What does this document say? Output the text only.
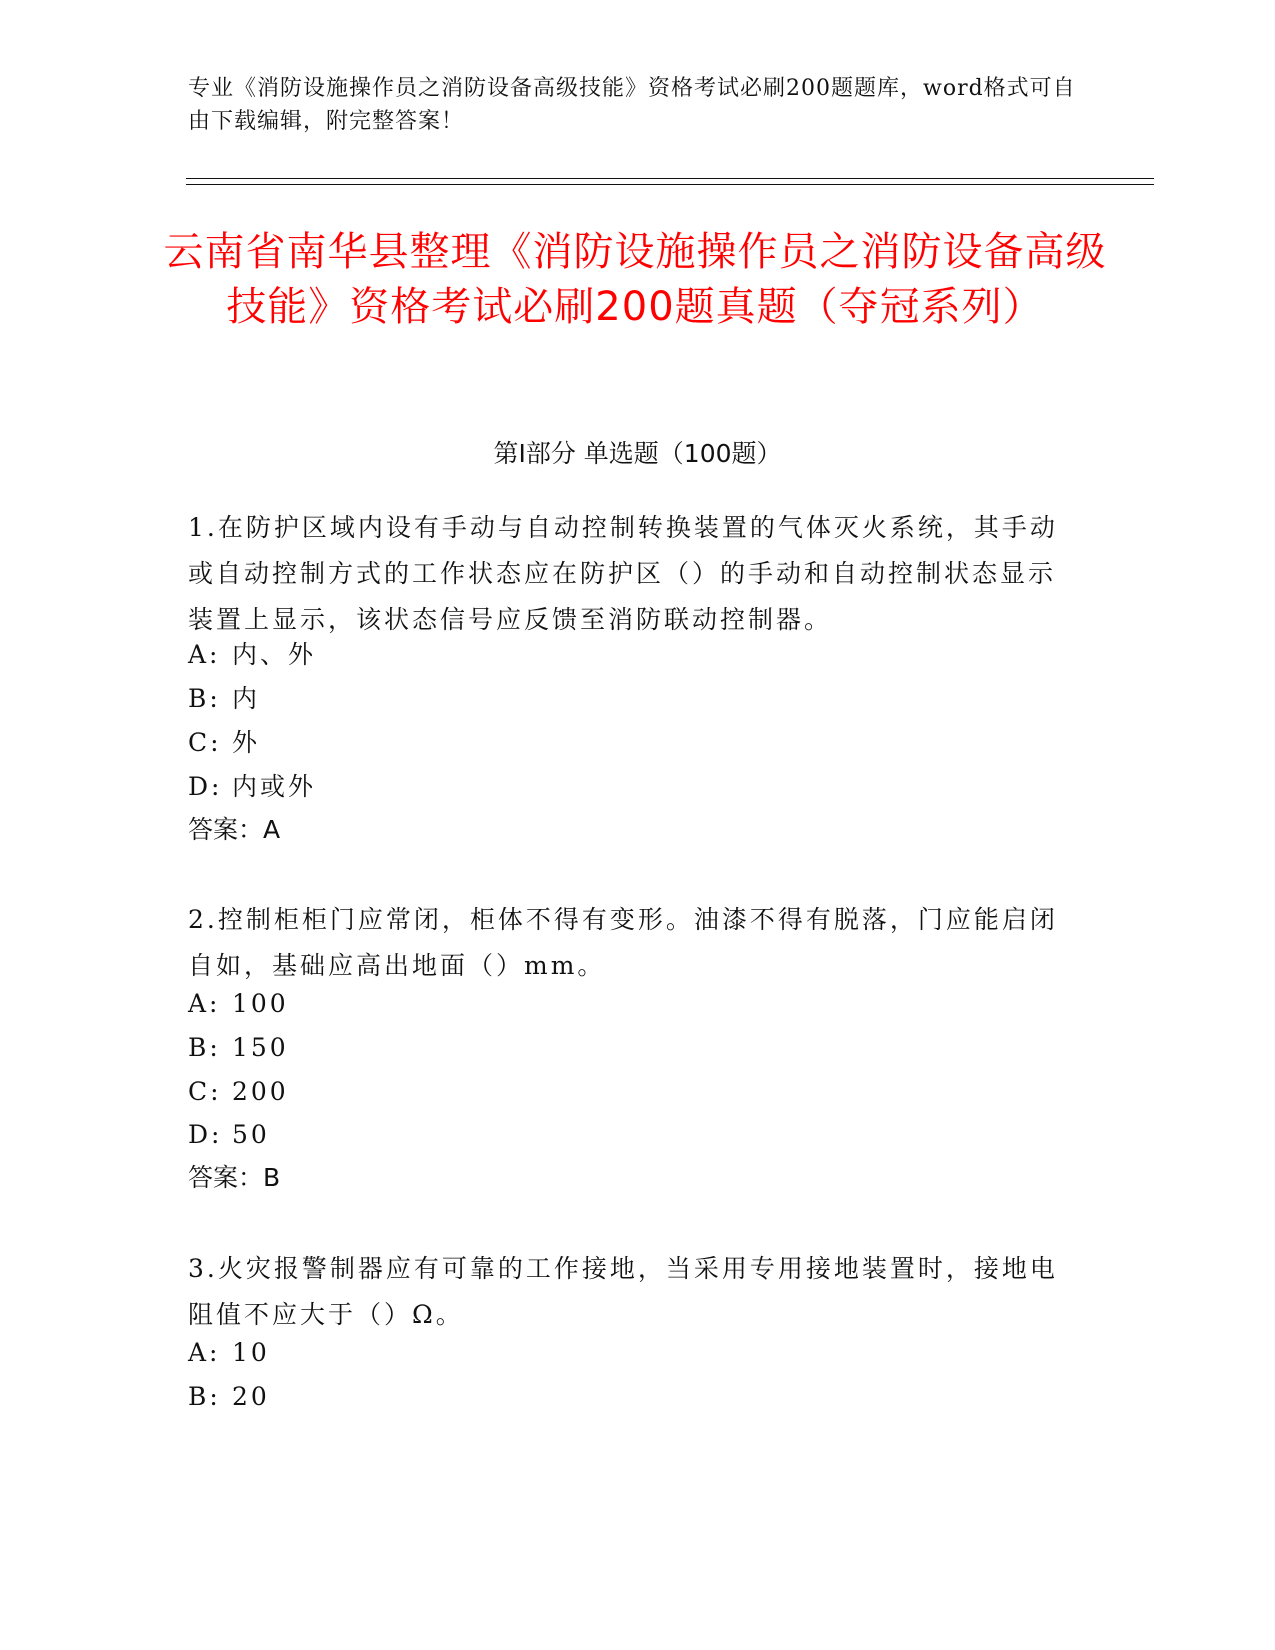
专业《消防设施操作员之消防设备高级技能》资格考试必刷200题题库，word格式可自由下载编辑，附完整答案！
云南省南华县整理《消防设施操作员之消防设备高级技能》资格考试必刷200题真题（夺冠系列）
第I部分 单选题（100题）
1.在防护区域内设有手动与自动控制转换装置的气体灭火系统，其手动或自动控制方式的工作状态应在防护区（）的手动和自动控制状态显示装置上显示，该状态信号应反馈至消防联动控制器。
A: 内、外
B: 内
C: 外
D: 内或外
答案：A
2.控制柜柜门应常闭，柜体不得有变形。油漆不得有脱落，门应能启闭自如，基础应高出地面（）mm。
A: 100
B: 150
C: 200
D: 50
答案：B
3.火灾报警制器应有可靠的工作接地，当采用专用接地装置时，接地电阻值不应大于（）Ω。
A: 10
B: 20
